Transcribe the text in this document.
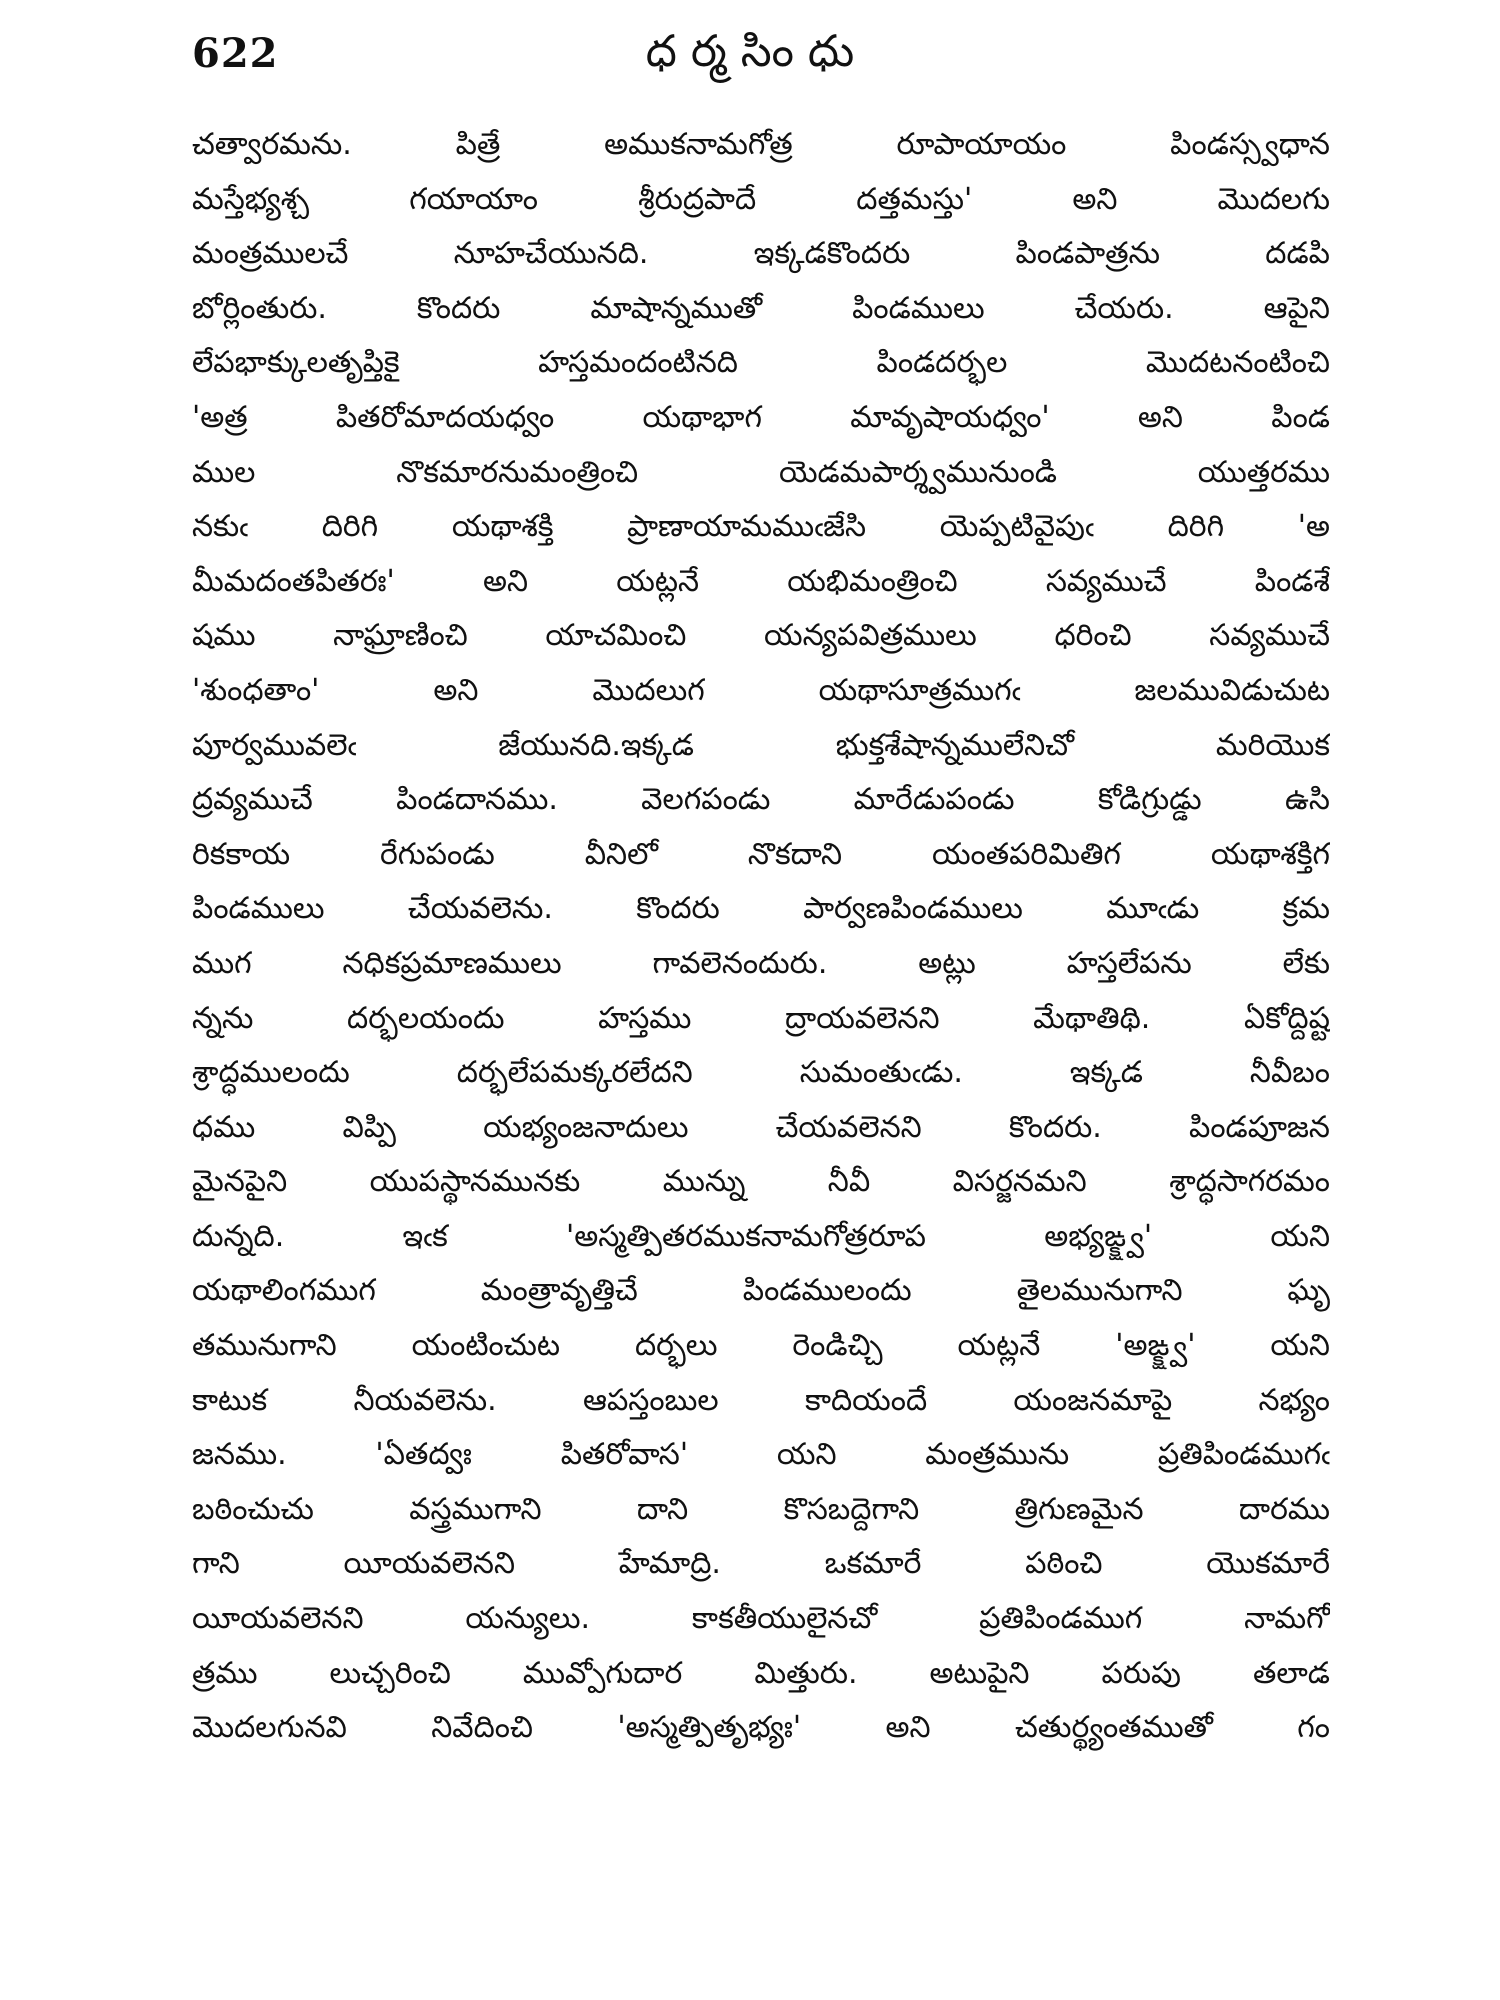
622	ధర్మసింధు
చత్వారమను. పిత్రే అముకనామగోత్ర రూపాయాయం పిండస్స్వధాన
మస్తేభ్యశ్చ గయాయాం శ్రీరుద్రపాదే దత్తమస్తు' అని మొదలగు
మంత్రములచే నూహచేయునది. ఇక్కడకొందరు పిండపాత్రను దడపి
బోర్లింతురు. కొందరు మాషాన్నముతో పిండములు చేయరు. ఆపైని
లేపభాక్కులతృప్తికై హస్తమందంటినది పిండదర్భల మొదటనంటించి
'అత్ర పితరోమాదయధ్వం యథాభాగ మావృషాయధ్వం' అని పిండ
ముల నొకమారనుమంత్రించి యెడమపార్శ్వమునుండి యుత్తరము
నకుఁ దిరిగి యథాశక్తి ప్రాణాయామముఁజేసి యెప్పటివైపుఁ దిరిగి 'అ
మీమదంతపితరః' అని యట్లనే యభిమంత్రించి సవ్యముచే పిండశే
షము నాఘ్రాణించి యాచమించి యన్యపవిత్రములు ధరించి సవ్యముచే
'శుంధతాం' అని మొదలుగ యథాసూత్రముగఁ జలమువిడుచుట
పూర్వమువలెఁ జేయునది.ఇక్కడ భుక్తశేషాన్నములేనిచో మరియొక
ద్రవ్యముచే పిండదానము. వెలగపండు మారేడుపండు కోడిగ్రుడ్డు ఉసి
రికకాయ రేగుపండు వీనిలో నొకదాని యంతపరిమితిగ యథాశక్తిగ
పిండములు చేయవలెను. కొందరు పార్వణపిండములు మూఁడు క్రమ
ముగ నధికప్రమాణములు గావలెనందురు. అట్లు హస్తలేపను లేకు
న్నను దర్భలయందు హస్తము ద్రాయవలెనని మేథాతిథి. ఏకోద్దిష్ట
శ్రాద్ధములందు దర్భలేపమక్కరలేదని సుమంతుఁడు. ఇక్కడ నీవీబం
ధము విప్పి యభ్యంజనాదులు చేయవలెనని కొందరు. పిండపూజన
మైనపైని యుపస్థానమునకు మున్ను నీవీ విసర్జనమని శ్రాద్ధసాగరమం
దున్నది. ఇఁక 'అస్మత్పితరముకనామగోత్రరూప అభ్యఙ్క్ష్వ' యని
యథాలింగముగ మంత్రావృత్తిచే పిండములందు తైలమునుగాని ఘృ
తమునుగాని యంటించుట దర్భలు రెండిచ్చి యట్లనే 'అఙ్క్ష్వ' యని
కాటుక నీయవలెను. ఆపస్తంబుల కాదియందే యంజనమాపై నభ్యం
జనము. 'ఏతద్వః పితరోవాస' యని మంత్రమును ప్రతిపిండముగఁ
బఠించుచు వస్త్రముగాని దాని కొసబద్దెగాని త్రిగుణమైన దారము
గాని యీయవలెనని హేమాద్రి. ఒకమారే పఠించి యొకమారే
యీయవలెనని యన్యులు. కాకతీయులైనచో ప్రతిపిండముగ నామగో
త్రము లుచ్చరించి మువ్పోగుదార మిత్తురు. అటుపైని పరుపు తలాడ
మొదలగునవి నివేదించి 'అస్మత్పితృభ్యః' అని చతుర్థ్యంతముతో గం
